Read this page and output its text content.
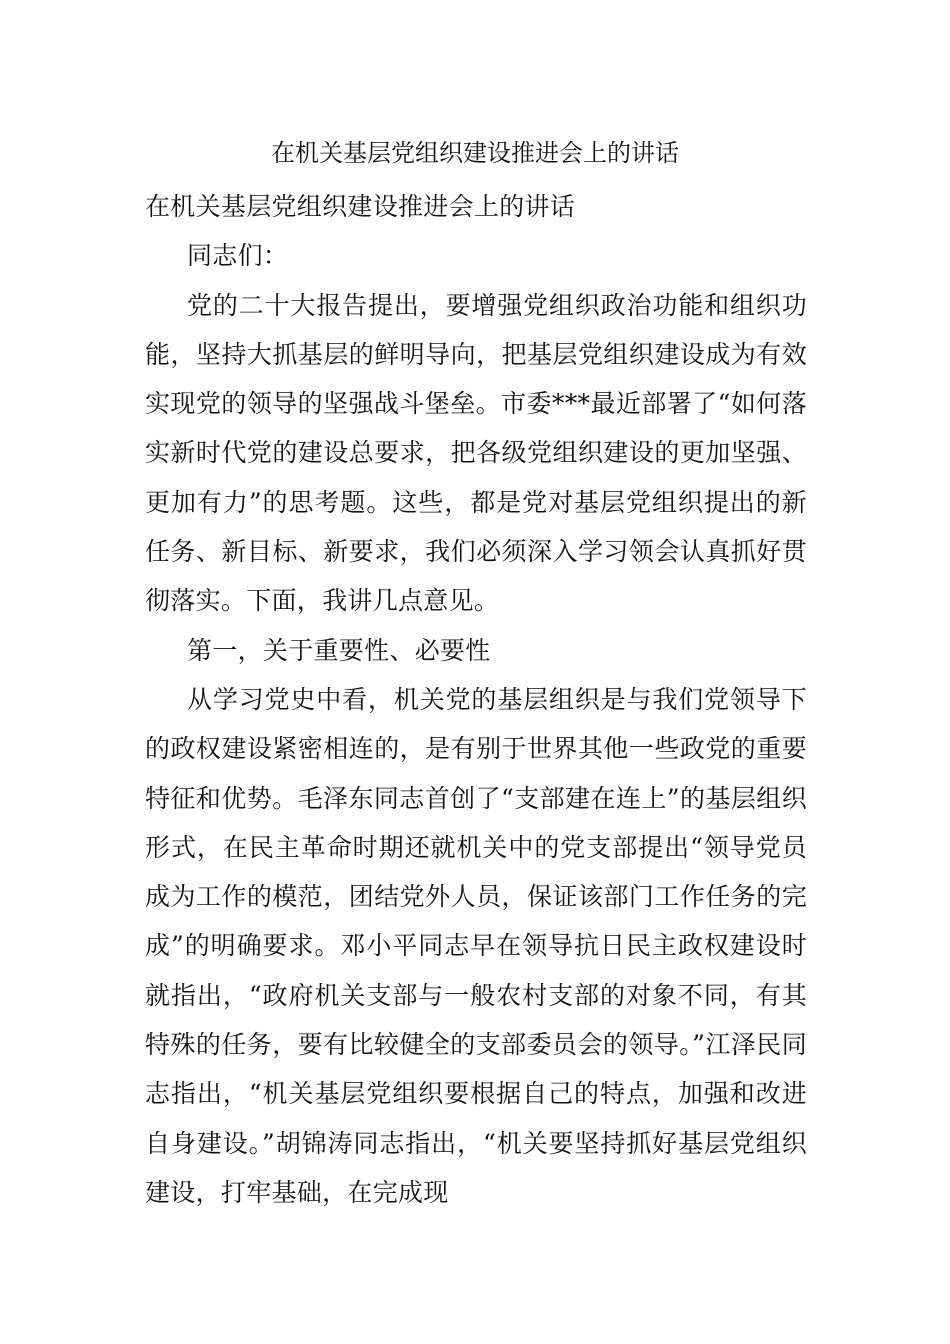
在机关基层党组织建设推进会上的讲话

在机关基层党组织建设推进会上的讲话

同志们：

党的二十大报告提出，要增强党组织政治功能和组织功能，坚持大抓基层的鲜明导向，把基层党组织建设成为有效实现党的领导的坚强战斗堡垒。市委***最近部署了“如何落实新时代党的建设总要求，把各级党组织建设的更加坚强、更加有力”的思考题。这些，都是党对基层党组织提出的新任务、新目标、新要求，我们必须深入学习领会认真抓好贯彻落实。下面，我讲几点意见。

第一，关于重要性、必要性

从学习党史中看，机关党的基层组织是与我们党领导下的政权建设紧密相连的，是有别于世界其他一些政党的重要特征和优势。毛泽东同志首创了“支部建在连上”的基层组织形式，在民主革命时期还就机关中的党支部提出“领导党员成为工作的模范，团结党外人员，保证该部门工作任务的完成”的明确要求。邓小平同志早在领导抗日民主政权建设时就指出，“政府机关支部与一般农村支部的对象不同，有其特殊的任务，要有比较健全的支部委员会的领导。”江泽民同志指出，“机关基层党组织要根据自己的特点，加强和改进自身建设。”胡锦涛同志指出，“机关要坚持抓好基层党组织建设，打牢基础，在完成现
